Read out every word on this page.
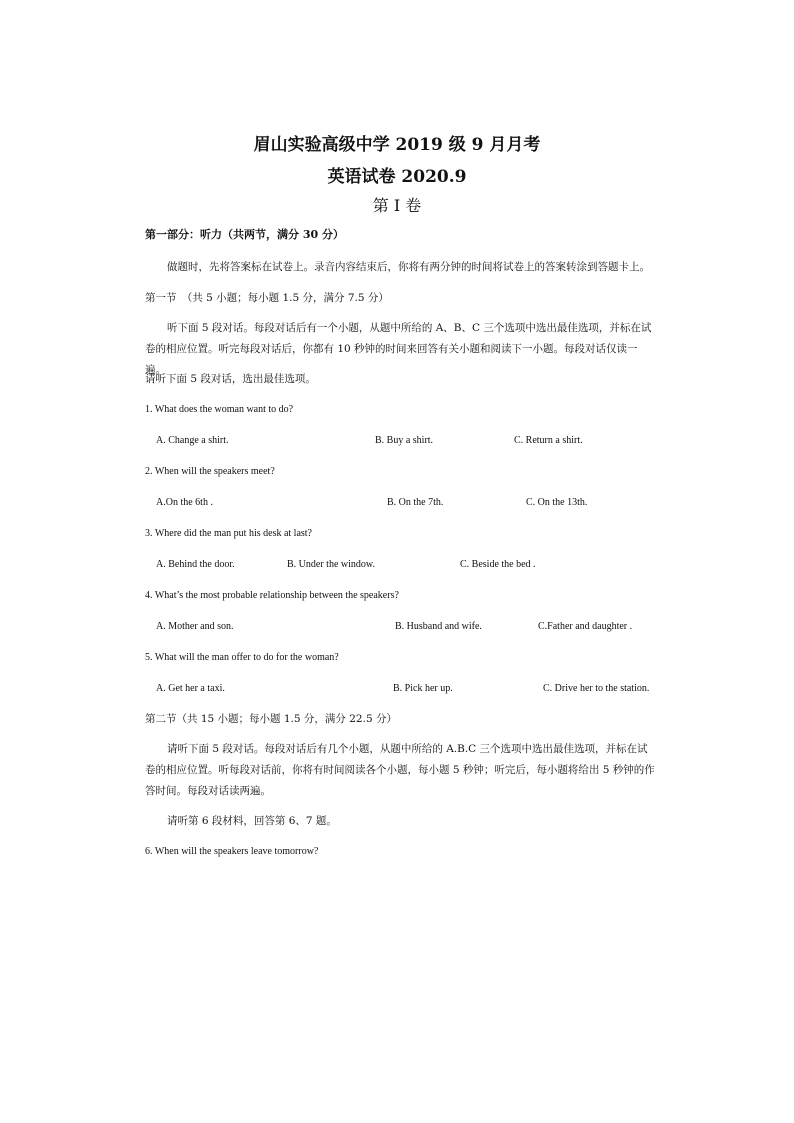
眉山实验高级中学 2019 级 9 月月考
英语试卷 2020.9
第 I 卷
第一部分：听力（共两节，满分 30 分）
做题时，先将答案标在试卷上。录音内容结束后，你将有两分钟的时间将试卷上的答案转涂到答题卡上。
第一节　（共 5 小题；每小题 1.5 分，满分 7.5 分）
听下面 5 段对话。每段对话后有一个小题，从题中所给的 A、B、C 三个选项中选出最佳选项，并标在试卷的相应位置。听完每段对话后，你都有 10 秒钟的时间来回答有关小题和阅读下一小题。每段对话仅读一遍。
请听下面 5 段对话，选出最佳选项。
1. What does the woman want to do?
A. Change a shirt.	B. Buy a shirt.	C. Return a shirt.
2. When will the speakers meet?
A.On the 6th .	B. On the 7th.	C. On the 13th.
3. Where did the man put his desk at last?
A. Behind the door.	B. Under the window.	C. Beside the bed .
4. What’s the most probable relationship between the speakers?
A. Mother and son.	B. Husband and wife.	C.Father and daughter .
5. What will the man offer to do for the woman?
A. Get her a taxi.	B. Pick her up.	C. Drive her to the station.
第二节（共 15 小题；每小题 1.5 分，满分 22.5 分）
请听下面 5 段对话。每段对话后有几个小题，从题中所给的 A.B.C 三个选项中选出最佳选项，并标在试卷的相应位置。听每段对话前，你将有时间阅读各个小题，每小题 5 秒钟；听完后，每小题将给出 5 秒钟的作答时间。每段对话读两遍。
请听第 6 段材料，回答第 6、7 题。
6. When will the speakers leave tomorrow?
